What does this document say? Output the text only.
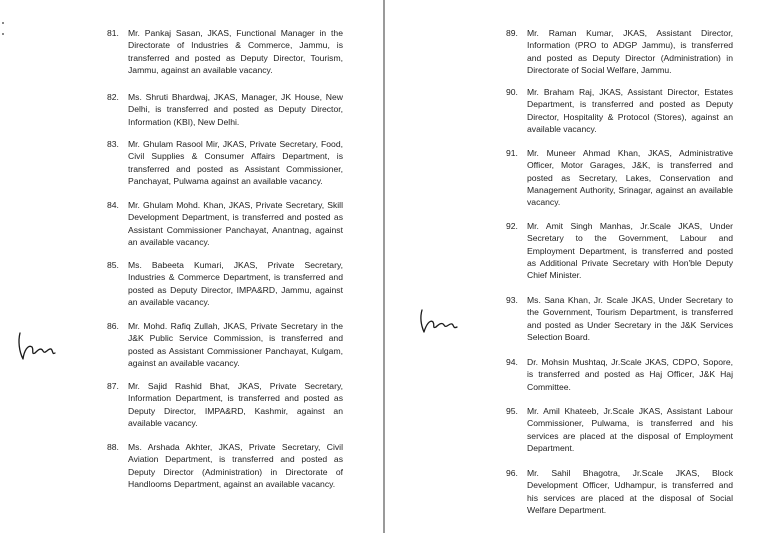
81. Mr. Pankaj Sasan, JKAS, Functional Manager in the Directorate of Industries & Commerce, Jammu, is transferred and posted as Deputy Director, Tourism, Jammu, against an available vacancy.
82. Ms. Shruti Bhardwaj, JKAS, Manager, JK House, New Delhi, is transferred and posted as Deputy Director, Information (KBI), New Delhi.
83. Mr. Ghulam Rasool Mir, JKAS, Private Secretary, Food, Civil Supplies & Consumer Affairs Department, is transferred and posted as Assistant Commissioner, Panchayat, Pulwama against an available vacancy.
84. Mr. Ghulam Mohd. Khan, JKAS, Private Secretary, Skill Development Department, is transferred and posted as Assistant Commissioner Panchayat, Anantnag, against an available vacancy.
85. Ms. Babeeta Kumari, JKAS, Private Secretary, Industries & Commerce Department, is transferred and posted as Deputy Director, IMPA&RD, Jammu, against an available vacancy.
86. Mr. Mohd. Rafiq Zullah, JKAS, Private Secretary in the J&K Public Service Commission, is transferred and posted as Assistant Commissioner Panchayat, Kulgam, against an available vacancy.
87. Mr. Sajid Rashid Bhat, JKAS, Private Secretary, Information Department, is transferred and posted as Deputy Director, IMPA&RD, Kashmir, against an available vacancy.
88. Ms. Arshada Akhter, JKAS, Private Secretary, Civil Aviation Department, is transferred and posted as Deputy Director (Administration) in Directorate of Handlooms Department, against an available vacancy.
89. Mr. Raman Kumar, JKAS, Assistant Director, Information (PRO to ADGP Jammu), is transferred and posted as Deputy Director (Administration) in Directorate of Social Welfare, Jammu.
90. Mr. Braham Raj, JKAS, Assistant Director, Estates Department, is transferred and posted as Deputy Director, Hospitality & Protocol (Stores), against an available vacancy.
91. Mr. Muneer Ahmad Khan, JKAS, Administrative Officer, Motor Garages, J&K, is transferred and posted as Secretary, Lakes, Conservation and Management Authority, Srinagar, against an available vacancy.
92. Mr. Amit Singh Manhas, Jr.Scale JKAS, Under Secretary to the Government, Labour and Employment Department, is transferred and posted as Additional Private Secretary with Hon'ble Deputy Chief Minister.
93. Ms. Sana Khan, Jr. Scale JKAS, Under Secretary to the Government, Tourism Department, is transferred and posted as Under Secretary in the J&K Services Selection Board.
94. Dr. Mohsin Mushtaq, Jr.Scale JKAS, CDPO, Sopore, is transferred and posted as Haj Officer, J&K Haj Committee.
95. Mr. Amil Khateeb, Jr.Scale JKAS, Assistant Labour Commissioner, Pulwama, is transferred and his services are placed at the disposal of Employment Department.
96. Mr. Sahil Bhagotra, Jr.Scale JKAS, Block Development Officer, Udhampur, is transferred and his services are placed at the disposal of Social Welfare Department.
